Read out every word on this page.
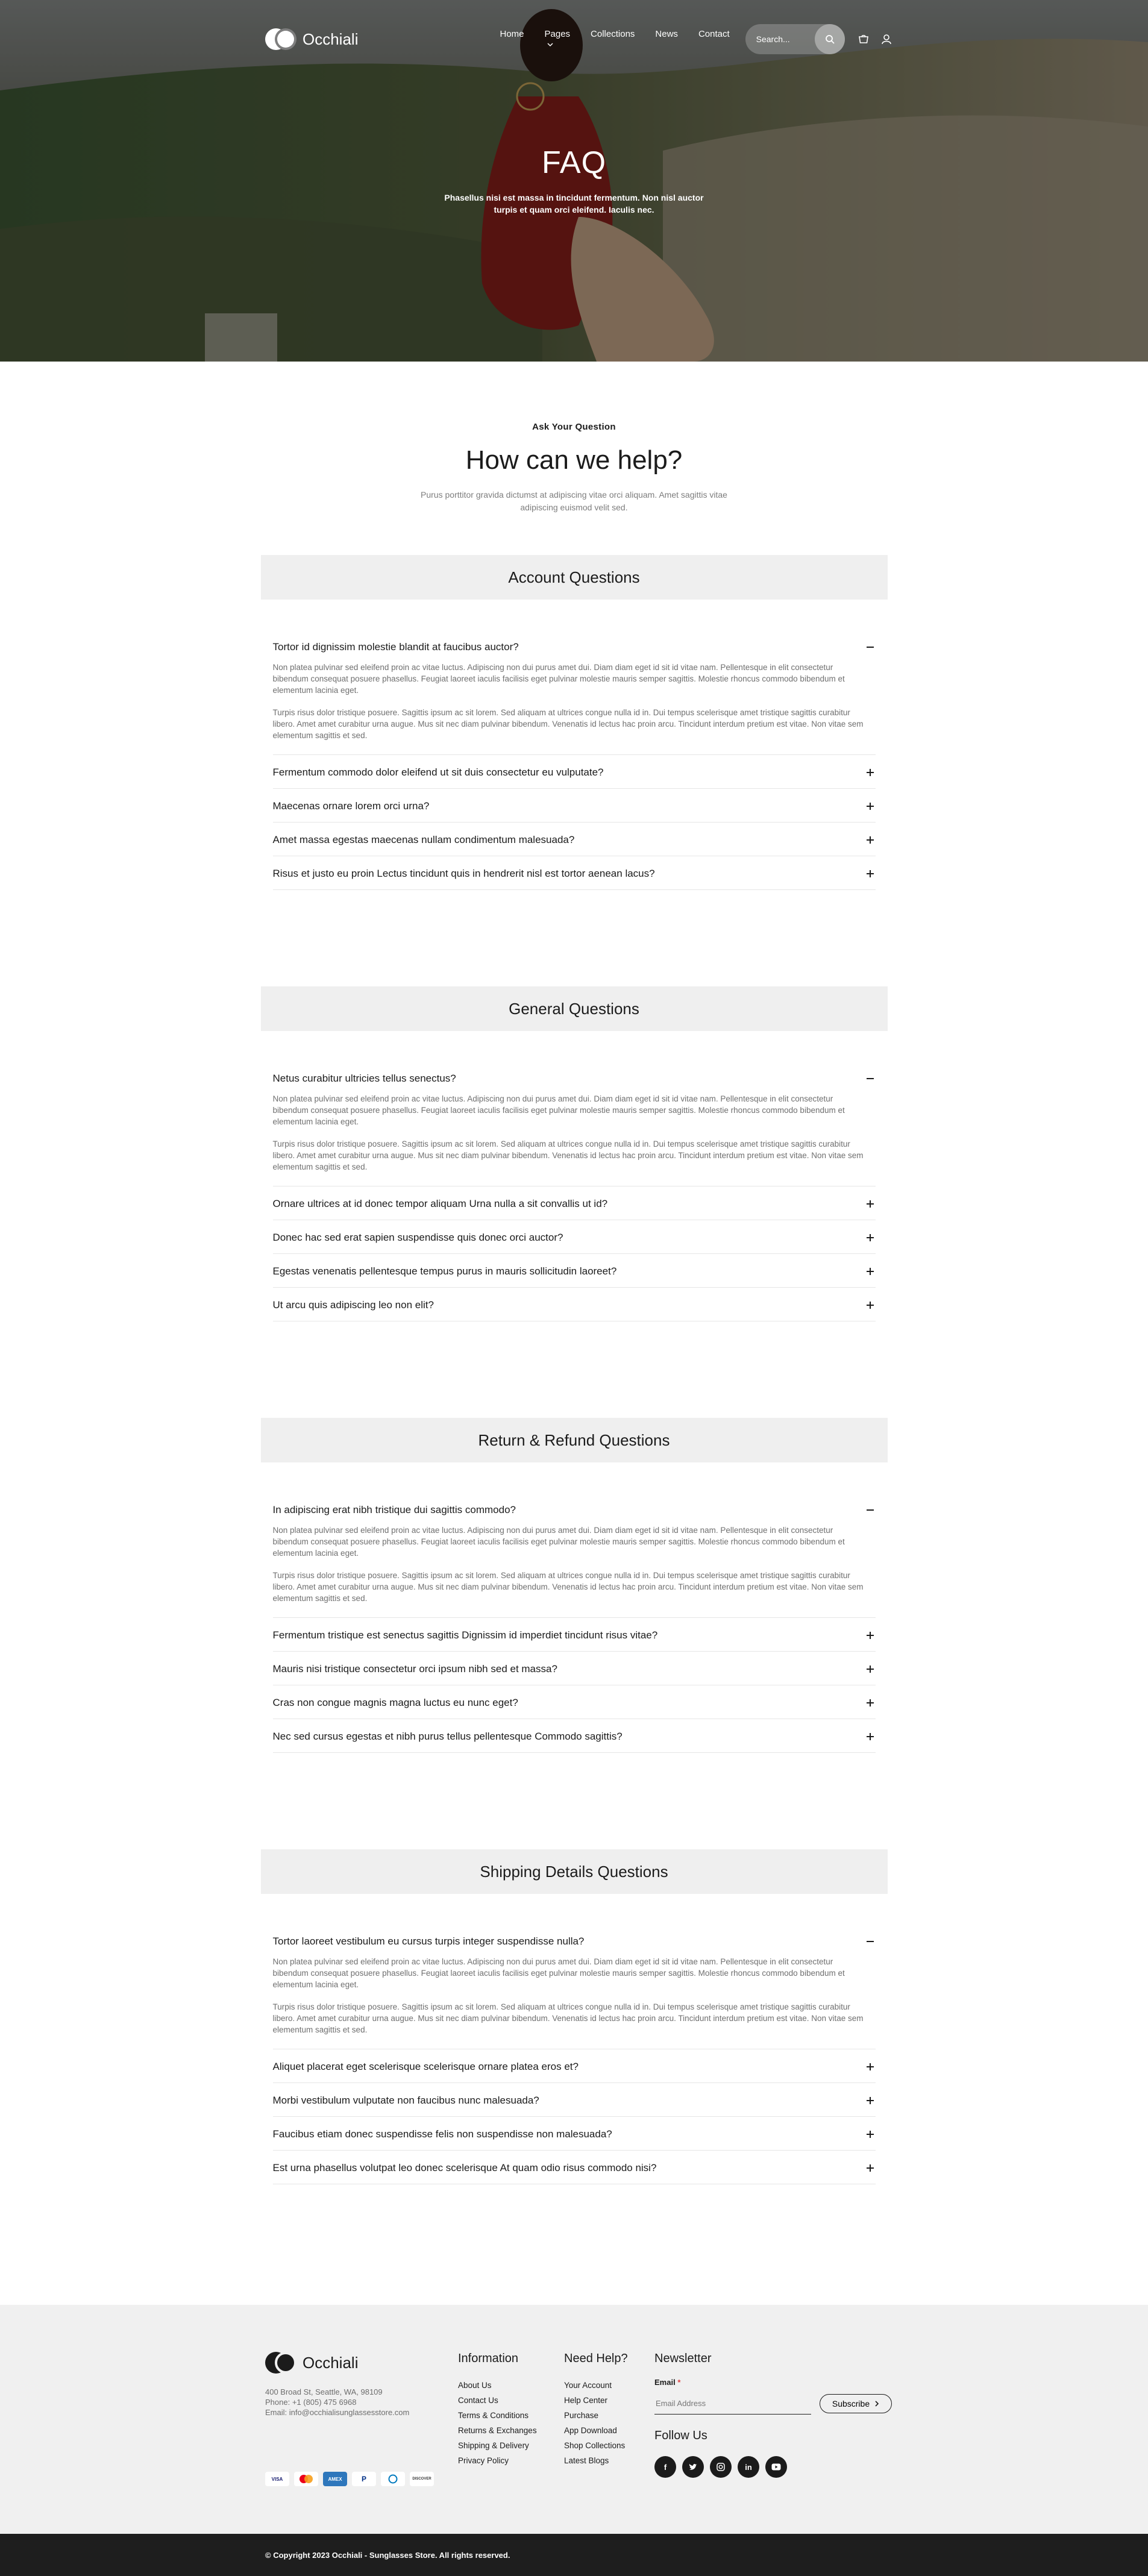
Occhiali	Home Pages Collections News Contact
Search...
FAQ

Phasellus nisi est massa in tincidunt fermentum. Non nisl auctor turpis et quam orci eleifend. Iaculis nec.

Ask Your Question
How can we help?

Purus porttitor gravida dictumst at adipiscing vitae orci aliquam. Amet sagittis vitae adipiscing euismod velit sed.

Account Questions
Tortor id dignissim molestie blandit at faucibus auctor?

Non platea pulvinar sed eleifend proin ac vitae luctus. Adipiscing non dui purus amet dui. Diam diam eget id sit id vitae nam. Pellentesque in elit consectetur bibendum consequat posuere phasellus. Feugiat laoreet iaculis facilisis eget pulvinar molestie mauris semper sagittis. Molestie rhoncus commodo bibendum et elementum lacinia eget.

Turpis risus dolor tristique posuere. Sagittis ipsum ac sit lorem. Sed aliquam at ultrices congue nulla id in. Dui tempus scelerisque amet tristique sagittis curabitur libero. Amet amet curabitur urna augue. Mus sit nec diam pulvinar bibendum. Venenatis id lectus hac proin arcu. Tincidunt interdum pretium est vitae. Non vitae sem elementum sagittis et sed.

Fermentum commodo dolor eleifend ut sit duis consectetur eu vulputate?
Maecenas ornare lorem orci urna?
Amet massa egestas maecenas nullam condimentum malesuada?
Risus et justo eu proin Lectus tincidunt quis in hendrerit nisl est tortor aenean lacus?
General Questions
Netus curabitur ultricies tellus senectus?

Non platea pulvinar sed eleifend proin ac vitae luctus. Adipiscing non dui purus amet dui. Diam diam eget id sit id vitae nam. Pellentesque in elit consectetur bibendum consequat posuere phasellus. Feugiat laoreet iaculis facilisis eget pulvinar molestie mauris semper sagittis. Molestie rhoncus commodo bibendum et elementum lacinia eget.

Turpis risus dolor tristique posuere. Sagittis ipsum ac sit lorem. Sed aliquam at ultrices congue nulla id in. Dui tempus scelerisque amet tristique sagittis curabitur libero. Amet amet curabitur urna augue. Mus sit nec diam pulvinar bibendum. Venenatis id lectus hac proin arcu. Tincidunt interdum pretium est vitae. Non vitae sem elementum sagittis et sed.

Ornare ultrices at id donec tempor aliquam Urna nulla a sit convallis ut id?
Donec hac sed erat sapien suspendisse quis donec orci auctor?
Egestas venenatis pellentesque tempus purus in mauris sollicitudin laoreet?
Ut arcu quis adipiscing leo non elit?
Return & Refund Questions
In adipiscing erat nibh tristique dui sagittis commodo?

Non platea pulvinar sed eleifend proin ac vitae luctus. Adipiscing non dui purus amet dui. Diam diam eget id sit id vitae nam. Pellentesque in elit consectetur bibendum consequat posuere phasellus. Feugiat laoreet iaculis facilisis eget pulvinar molestie mauris semper sagittis. Molestie rhoncus commodo bibendum et elementum lacinia eget.

Turpis risus dolor tristique posuere. Sagittis ipsum ac sit lorem. Sed aliquam at ultrices congue nulla id in. Dui tempus scelerisque amet tristique sagittis curabitur libero. Amet amet curabitur urna augue. Mus sit nec diam pulvinar bibendum. Venenatis id lectus hac proin arcu. Tincidunt interdum pretium est vitae. Non vitae sem elementum sagittis et sed.

Fermentum tristique est senectus sagittis Dignissim id imperdiet tincidunt risus vitae?
Mauris nisi tristique consectetur orci ipsum nibh sed et massa?
Cras non congue magnis magna luctus eu nunc eget?
Nec sed cursus egestas et nibh purus tellus pellentesque Commodo sagittis?
Shipping Details Questions
Tortor laoreet vestibulum eu cursus turpis integer suspendisse nulla?

Non platea pulvinar sed eleifend proin ac vitae luctus. Adipiscing non dui purus amet dui. Diam diam eget id sit id vitae nam. Pellentesque in elit consectetur bibendum consequat posuere phasellus. Feugiat laoreet iaculis facilisis eget pulvinar molestie mauris semper sagittis. Molestie rhoncus commodo bibendum et elementum lacinia eget.

Turpis risus dolor tristique posuere. Sagittis ipsum ac sit lorem. Sed aliquam at ultrices congue nulla id in. Dui tempus scelerisque amet tristique sagittis curabitur libero. Amet amet curabitur urna augue. Mus sit nec diam pulvinar bibendum. Venenatis id lectus hac proin arcu. Tincidunt interdum pretium est vitae. Non vitae sem elementum sagittis et sed.

Aliquet placerat eget scelerisque scelerisque ornare platea eros et?
Morbi vestibulum vulputate non faucibus nunc malesuada?
Faucibus etiam donec suspendisse felis non suspendisse non malesuada?
Est urna phasellus volutpat leo donec scelerisque At quam odio risus commodo nisi?
Occhiali
400 Broad St, Seattle, WA, 98109
Phone: +1 (805) 475 6968
Email: info@occhialisunglassesstore.com
VISA	AMEX	P	DISCOVER
Information
About Us
Contact Us
Terms & Conditions
Returns & Exchanges
Shipping & Delivery
Privacy Policy
Need Help?
Your Account
Help Center
Purchase
App Download
Shop Collections
Latest Blogs
Newsletter
Email *
Email Address
Subscribe
Follow Us
f	in
© Copyright 2023 Occhiali - Sunglasses Store. All rights reserved.
